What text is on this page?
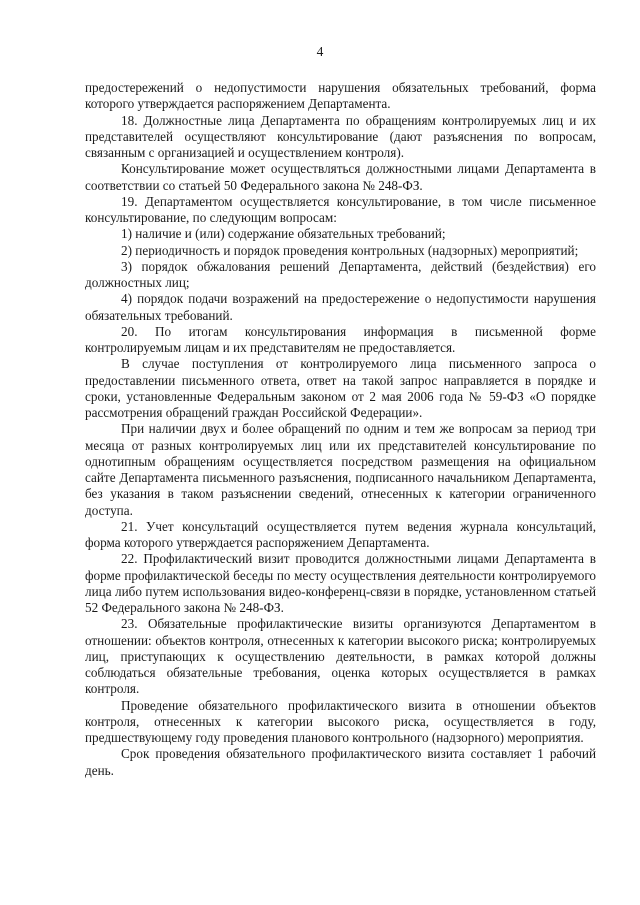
4

предостережений о недопустимости нарушения обязательных требований, форма которого утверждается распоряжением Департамента.

18. Должностные лица Департамента по обращениям контролируемых лиц и их представителей осуществляют консультирование (дают разъяснения по вопросам, связанным с организацией и осуществлением контроля).

Консультирование может осуществляться должностными лицами Департамента в соответствии со статьей 50 Федерального закона № 248-ФЗ.

19. Департаментом осуществляется консультирование, в том числе письменное консультирование, по следующим вопросам:

1) наличие и (или) содержание обязательных требований;

2) периодичность и порядок проведения контрольных (надзорных) мероприятий;

3) порядок обжалования решений Департамента, действий (бездействия) его должностных лиц;

4) порядок подачи возражений на предостережение о недопустимости нарушения обязательных требований.

20. По итогам консультирования информация в письменной форме контролируемым лицам и их представителям не предоставляется.

В случае поступления от контролируемого лица письменного запроса о предоставлении письменного ответа, ответ на такой запрос направляется в порядке и сроки, установленные Федеральным законом от 2 мая 2006 года № 59-ФЗ «О порядке рассмотрения обращений граждан Российской Федерации».

При наличии двух и более обращений по одним и тем же вопросам за период три месяца от разных контролируемых лиц или их представителей консультирование по однотипным обращениям осуществляется посредством размещения на официальном сайте Департамента письменного разъяснения, подписанного начальником Департамента, без указания в таком разъяснении сведений, отнесенных к категории ограниченного доступа.

21. Учет консультаций осуществляется путем ведения журнала консультаций, форма которого утверждается распоряжением Департамента.

22. Профилактический визит проводится должностными лицами Департамента в форме профилактической беседы по месту осуществления деятельности контролируемого лица либо путем использования видео-конференц-связи в порядке, установленном статьей 52 Федерального закона № 248-ФЗ.

23. Обязательные профилактические визиты организуются Департаментом в отношении: объектов контроля, отнесенных к категории высокого риска; контролируемых лиц, приступающих к осуществлению деятельности, в рамках которой должны соблюдаться обязательные требования, оценка которых осуществляется в рамках контроля.

Проведение обязательного профилактического визита в отношении объектов контроля, отнесенных к категории высокого риска, осуществляется в году, предшествующему году проведения планового контрольного (надзорного) мероприятия.

Срок проведения обязательного профилактического визита составляет 1 рабочий день.
